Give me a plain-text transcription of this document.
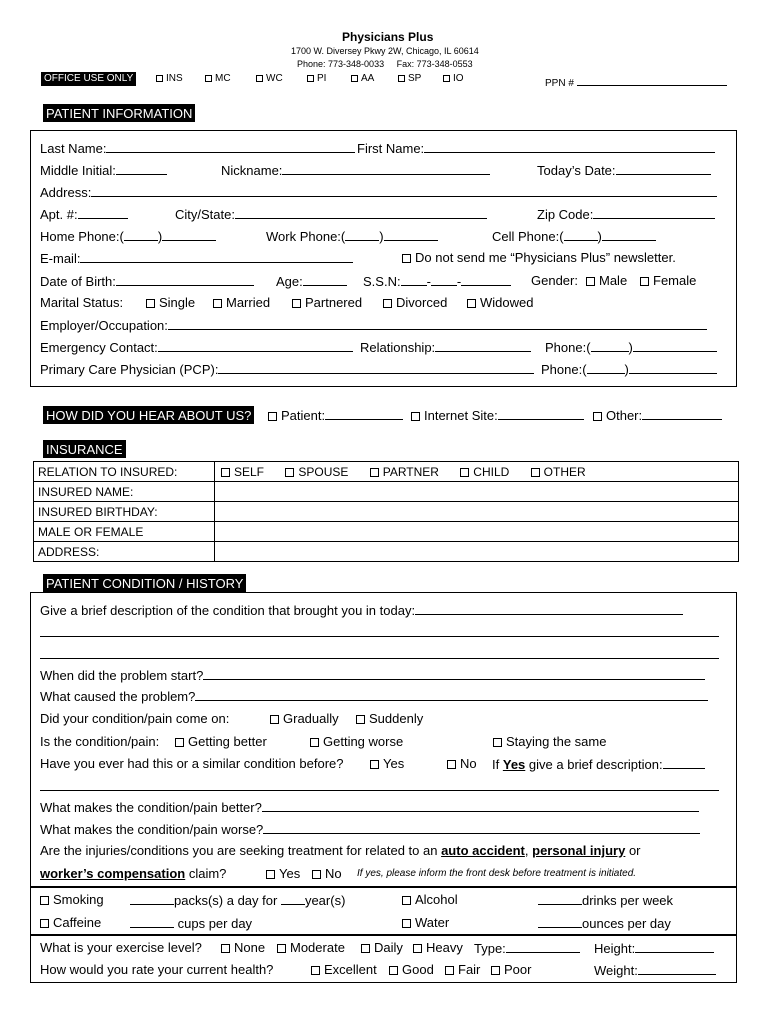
Physicians Plus
1700 W. Diversey Pkwy 2W, Chicago, IL 60614
Phone: 773-348-0033     Fax: 773-348-0553
OFFICE USE ONLY	INS	MC	WC	PI	AA	SP	IO	PPN #
PATIENT INFORMATION
Last Name:	First Name:
Middle Initial:	Nickname:	Today’s Date:
Address:
Apt. #:	City/State:	Zip Code:
Home Phone:(	)	Work Phone:(	)	Cell Phone:(	)
E-mail:	Do not send me “Physicians Plus” newsletter.
Date of Birth:	Age:	S.S.N: - -	Gender:	Male	Female
Marital Status:	Single	Married	Partnered	Divorced	Widowed
Employer/Occupation:
Emergency Contact:	Relationship:	Phone:(	)
Primary Care Physician (PCP):	Phone:(	)
HOW DID YOU HEAR ABOUT US?	Patient:	Internet Site:	Other:
INSURANCE
RELATION TO INSURED:	SELF SPOUSE PARTNER CHILD OTHER
INSURED NAME:	
INSURED BIRTHDAY:	
MALE OR FEMALE	
ADDRESS:	
PATIENT CONDITION / HISTORY
Give a brief description of the condition that brought you in today:
When did the problem start?
What caused the problem?
Did your condition/pain come on:	Gradually	Suddenly
Is the condition/pain:	Getting better	Getting worse	Staying the same
Have you ever had this or a similar condition before?	Yes	No If Yes give a brief description:
What makes the condition/pain better?
What makes the condition/pain worse?
Are the injuries/conditions you are seeking treatment for related to an auto accident, personal injury or
worker’s compensation claim?	Yes	No If yes, please inform the front desk before treatment is initiated.
Smoking	packs(s) a day for year(s)	Alcohol	drinks per week
Caffeine	cups per day	Water	ounces per day
What is your exercise level?	None	Moderate	Daily	Heavy Type:	Height:
How would you rate your current health?	Excellent	Good	Fair	Poor	Weight:
